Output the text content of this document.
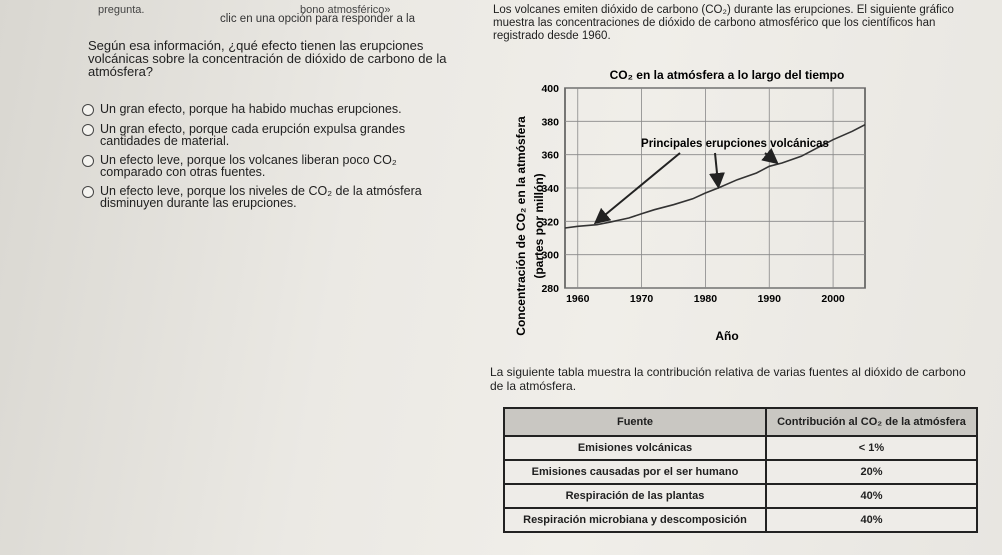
pregunta.	bono atmosférico»
clic en una opción para responder a la
Los volcanes emiten dióxido de carbono (CO₂) durante las erupciones. El siguiente gráfico muestra las concentraciones de dióxido de carbono atmosférico que los científicos han registrado desde 1960.
Según esa información, ¿qué efecto tienen las erupciones volcánicas sobre la concentración de dióxido de carbono de la atmósfera?
Un gran efecto, porque ha habido muchas erupciones.
Un gran efecto, porque cada erupción expulsa grandes cantidades de material.
Un efecto leve, porque los volcanes liberan poco CO₂ comparado con otras fuentes.
Un efecto leve, porque los niveles de CO₂ de la atmósfera disminuyen durante las erupciones.
CO₂ en la atmósfera a lo largo del tiempo
Concentración de CO₂ en la atmósfera (partes por millón)
Año
280
300
320
340
360
380
400
1960	1970	1980	1990	2000
Principales erupciones volcánicas
La siguiente tabla muestra la contribución relativa de varias fuentes al dióxido de carbono de la atmósfera.
Fuente	Contribución al CO₂ de la atmósfera
Emisiones volcánicas	< 1%
Emisiones causadas por el ser humano	20%
Respiración de las plantas	40%
Respiración microbiana y descomposición	40%
